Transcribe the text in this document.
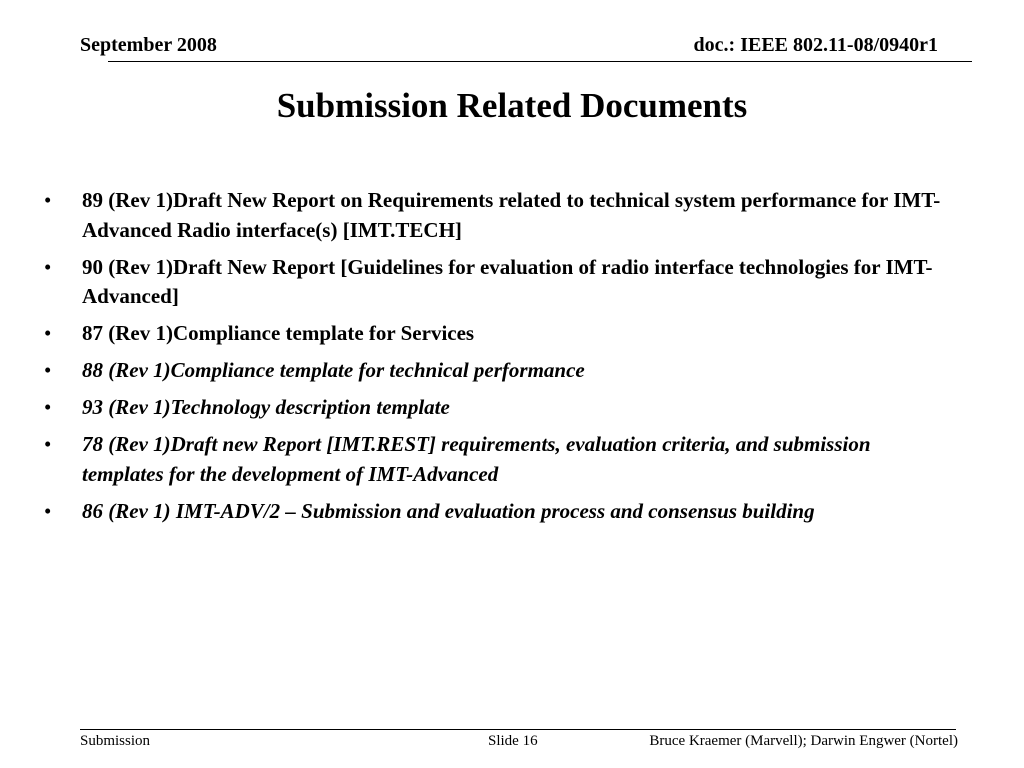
September 2008	doc.: IEEE 802.11-08/0940r1
Submission Related Documents
•	89 (Rev 1)Draft New Report on Requirements related to technical system performance for IMT-Advanced Radio interface(s) [IMT.TECH]
•	90 (Rev 1)Draft New Report [Guidelines for evaluation of radio interface technologies for IMT-Advanced]
•	87 (Rev 1)Compliance template for Services
•	88 (Rev 1)Compliance template for technical performance
•	93 (Rev 1)Technology description template
•	78 (Rev 1)Draft new Report [IMT.REST] requirements, evaluation criteria, and submission templates for the development of IMT-Advanced
•	86 (Rev 1) IMT-ADV/2 – Submission and evaluation process and consensus building
Submission	Slide 16	Bruce Kraemer (Marvell); Darwin Engwer (Nortel)
